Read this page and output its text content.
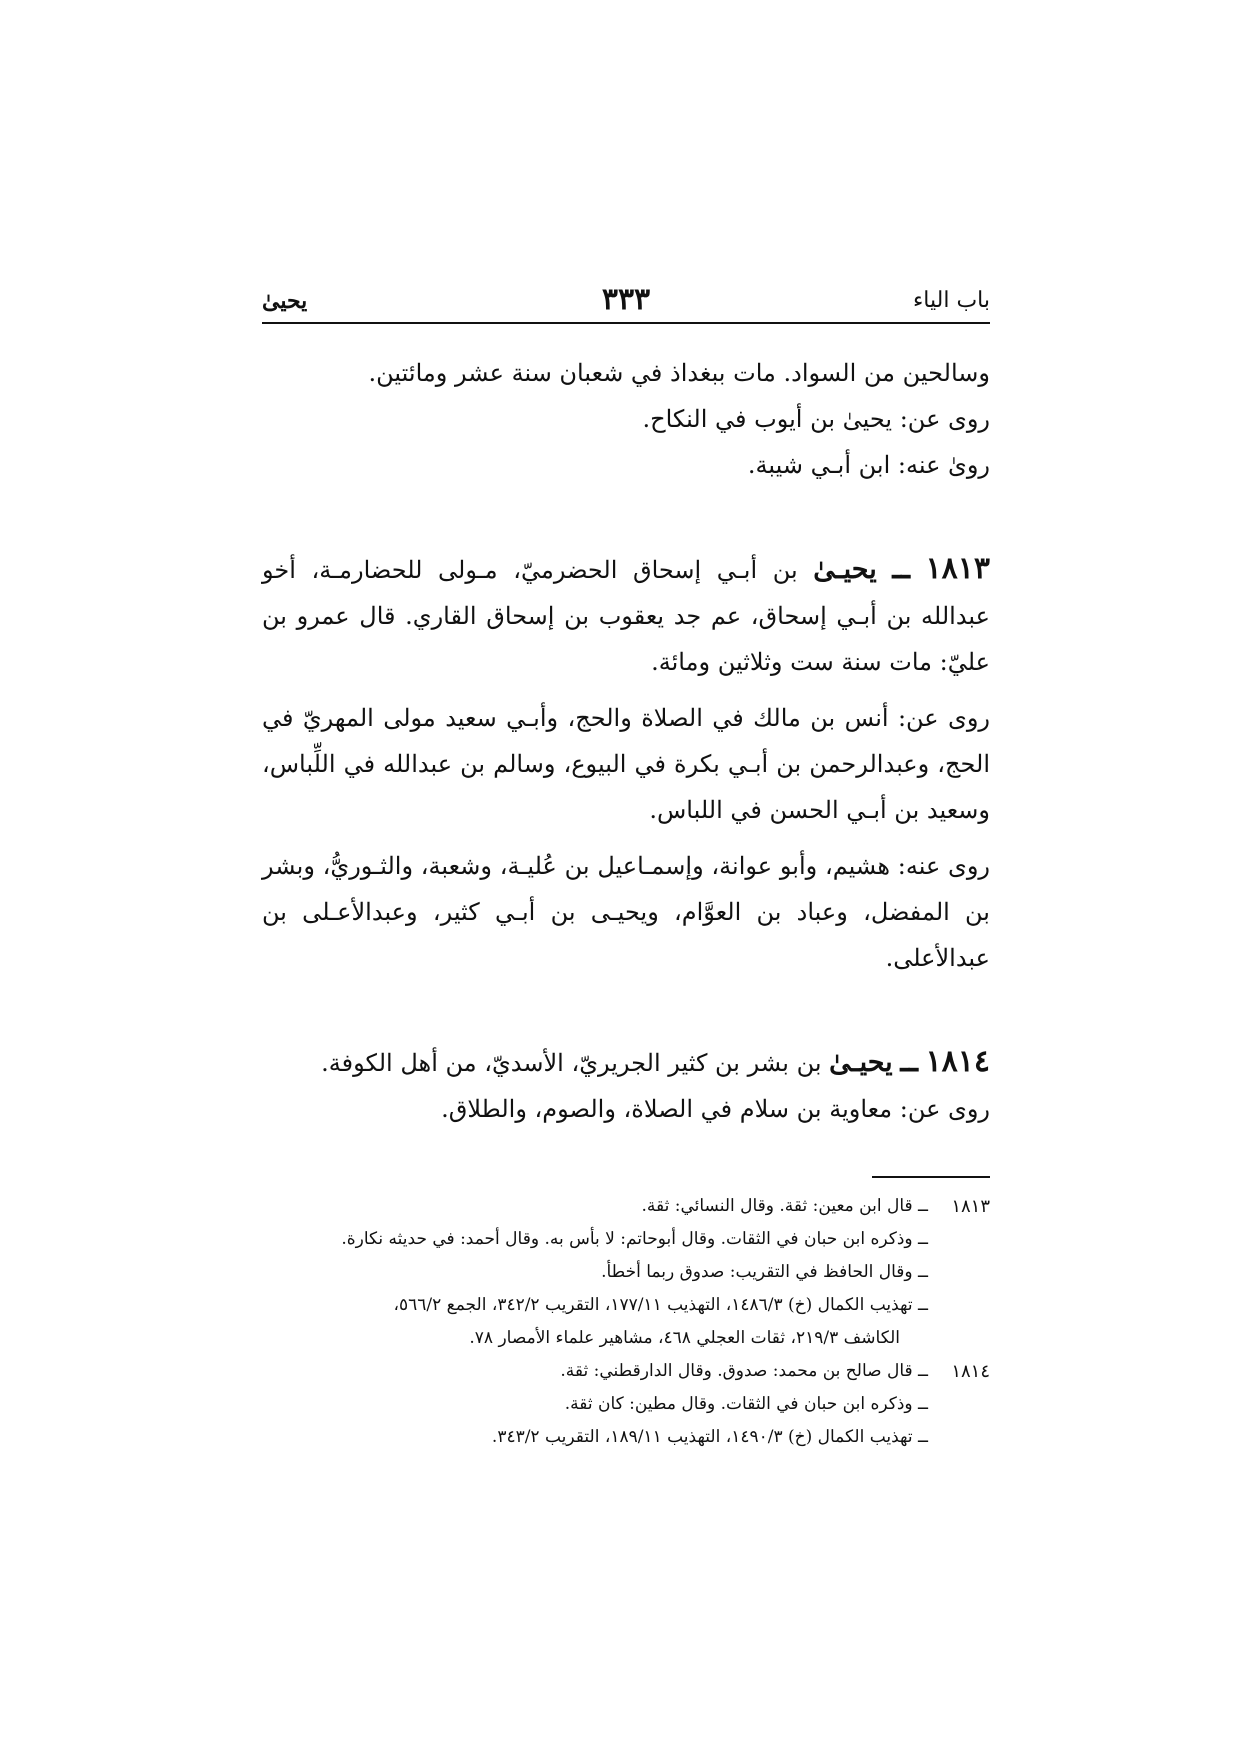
باب الياء
٣٣٣
يحيىٰ

وسالحين من السواد. مات ببغداذ في شعبان سنة عشر ومائتين.

روى عن: يحيىٰ بن أيوب في النكاح.

روىٰ عنه: ابن أبـي شيبة.

١٨١٣ ــ يحيـىٰ بن أبـي إسحاق الحضرميّ، مـولى للحضارمـة، أخو عبدالله بن أبـي إسحاق، عم جد يعقوب بن إسحاق القاري. قال عمرو بن عليّ: مات سنة ست وثلاثين ومائة.

روى عن: أنس بن مالك في الصلاة والحج، وأبـي سعيد مولى المهريّ في الحج، وعبدالرحمن بن أبـي بكرة في البيوع، وسالم بن عبدالله في اللِّباس، وسعيد بن أبـي الحسن في اللباس.

روى عنه: هشيم، وأبو عوانة، وإسمـاعيل بن عُليـة، وشعبة، والثـوريُّ، وبشر بن المفضل، وعباد بن العوَّام، ويحيـى بن أبـي كثير، وعبدالأعـلى بن عبدالأعلى.

١٨١٤ ــ يحيـىٰ بن بشر بن كثير الجريريّ، الأسديّ، من أهل الكوفة.

روى عن: معاوية بن سلام في الصلاة، والصوم، والطلاق.

١٨١٣
ــ قال ابن معين: ثقة. وقال النسائي: ثقة.
ــ وذكره ابن حبان في الثقات. وقال أبوحاتم: لا بأس به. وقال أحمد: في حديثه نكارة.
ــ وقال الحافظ في التقريب: صدوق ربما أخطأ.
ــ تهذيب الكمال (خ) ١٤٨٦/٣، التهذيب ١٧٧/١١، التقريب ٣٤٢/٢، الجمع ٥٦٦/٢،
الكاشف ٢١٩/٣، ثقات العجلي ٤٦٨، مشاهير علماء الأمصار ٧٨.
١٨١٤
ــ قال صالح بن محمد: صدوق. وقال الدارقطني: ثقة.
ــ وذكره ابن حبان في الثقات. وقال مطين: كان ثقة.
ــ تهذيب الكمال (خ) ١٤٩٠/٣، التهذيب ١٨٩/١١، التقريب ٣٤٣/٢.
